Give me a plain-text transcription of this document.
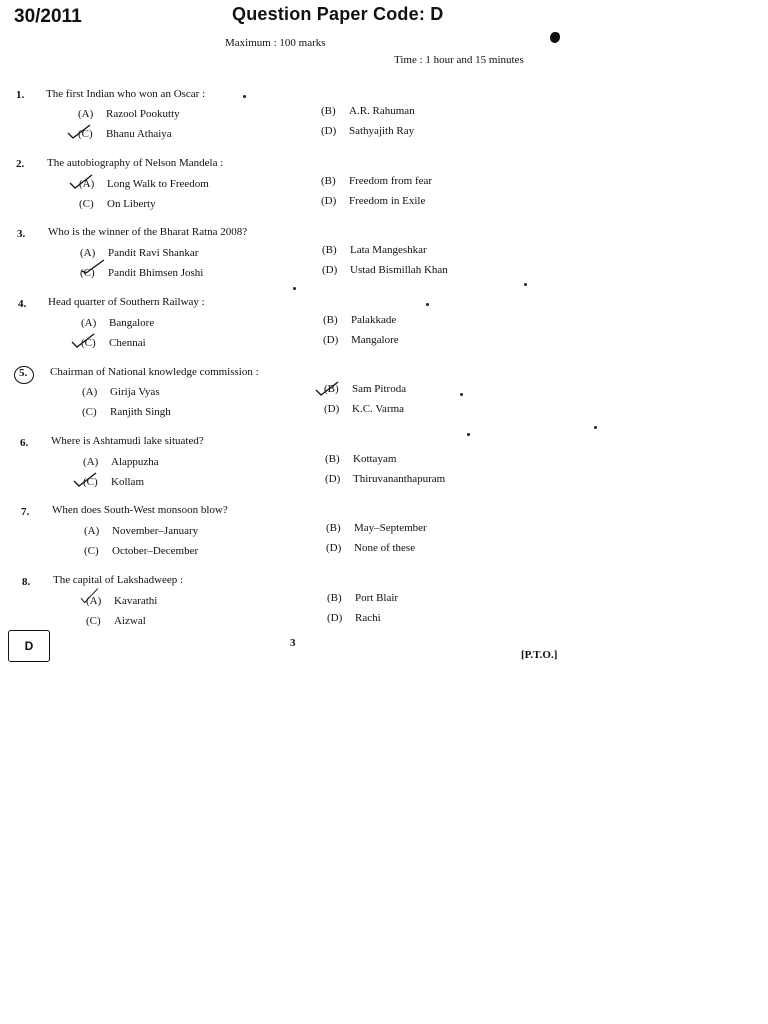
30/2011	Question Paper Code: D
Maximum : 100 marks
Time : 1 hour and 15 minutes
1. The first Indian who won an Oscar :
(A) Razool Pookutty	(B) A.R. Rahuman
(C) Bhanu Athaiya	(D) Sathyajith Ray
2. The autobiography of Nelson Mandela :
(A) Long Walk to Freedom	(B) Freedom from fear
(C) On Liberty	(D) Freedom in Exile
3. Who is the winner of the Bharat Ratna 2008?
(A) Pandit Ravi Shankar	(B) Lata Mangeshkar
(C) Pandit Bhimsen Joshi	(D) Ustad Bismillah Khan
4. Head quarter of Southern Railway :
(A) Bangalore	(B) Palakkade
(C) Chennai	(D) Mangalore
5. Chairman of National knowledge commission :
(A) Girija Vyas	(B) Sam Pitroda
(C) Ranjith Singh	(D) K.C. Varma
6. Where is Ashtamudi lake situated?
(A) Alappuzha	(B) Kottayam
(C) Kollam	(D) Thiruvananthapuram
7. When does South-West monsoon blow?
(A) November–January	(B) May–September
(C) October–December	(D) None of these
8. The capital of Lakshadweep :
(A) Kavarathi	(B) Port Blair
(C) Aizwal	(D) Rachi
D	3
[P.T.O.]
